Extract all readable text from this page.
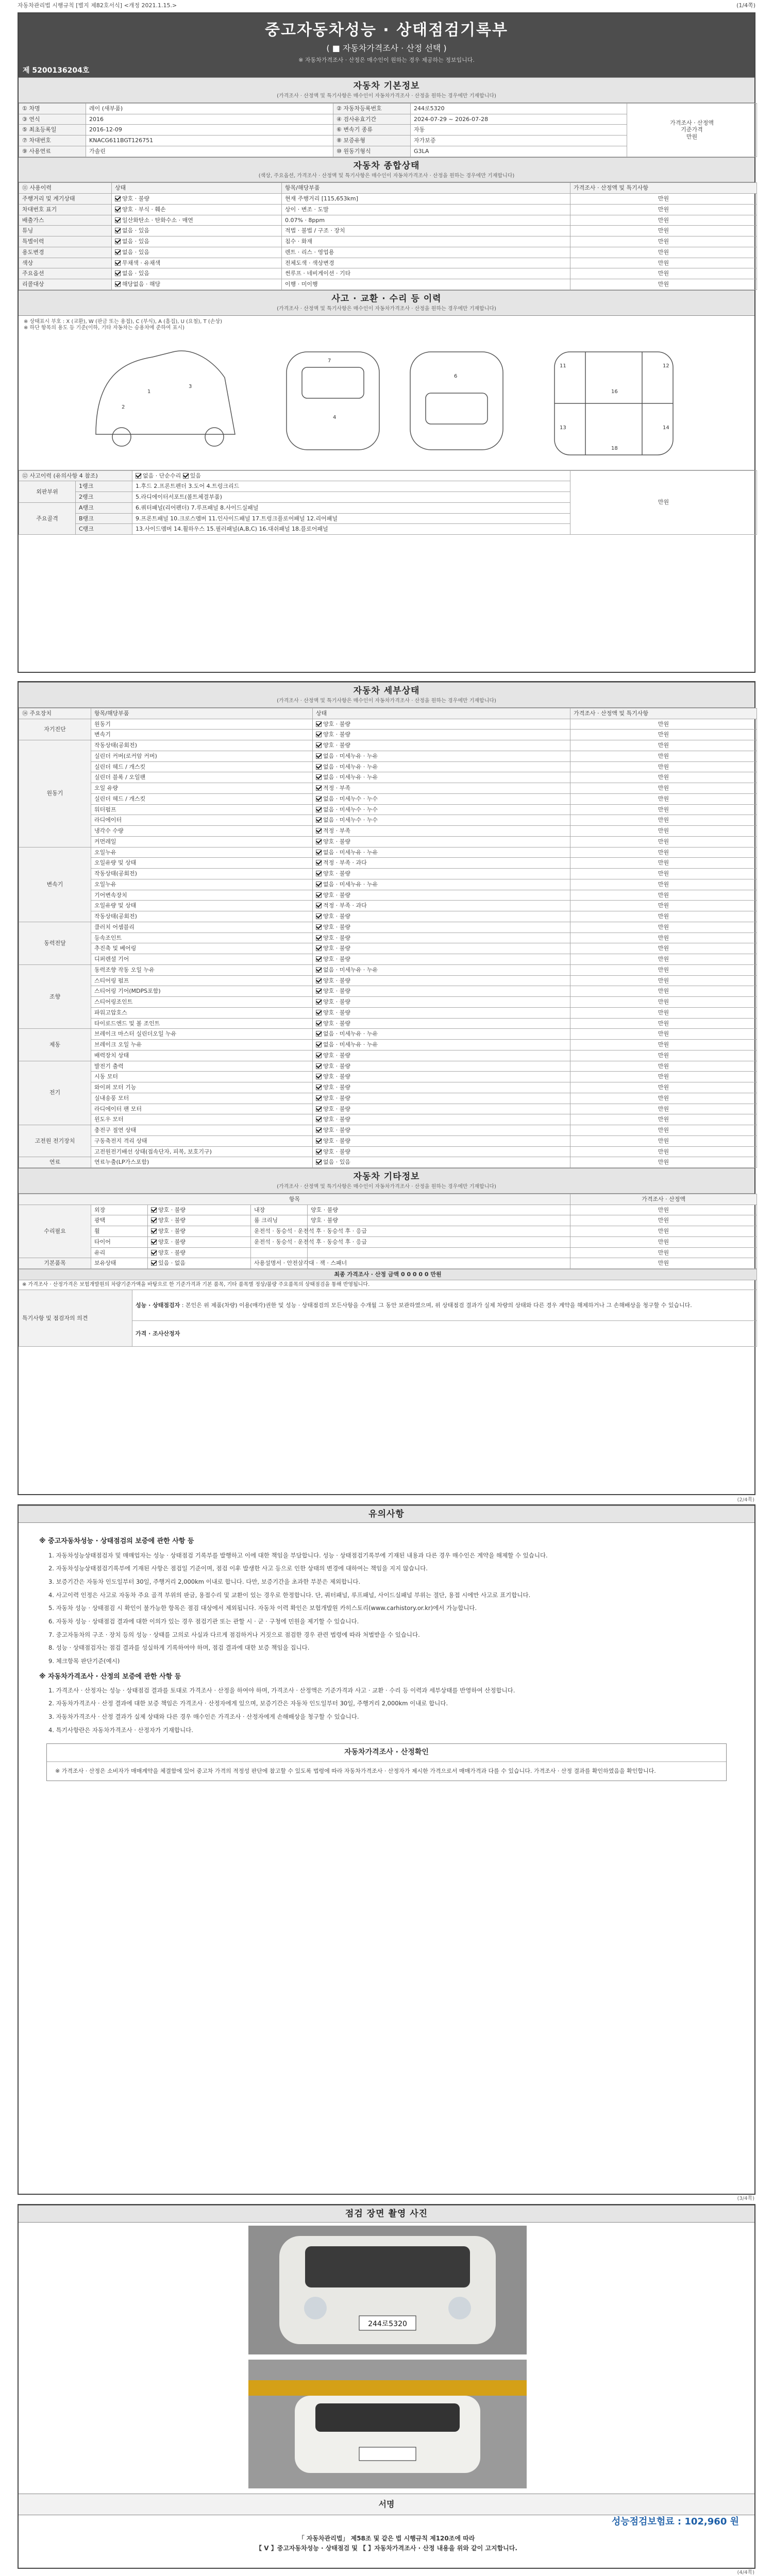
자동차관리법 시행규칙 [별지 제82호서식] <개정 2021.1.15.>	(1/4쪽)
중고자동차성능 · 상태점검기록부
( ■ 자동차가격조사 · 산정 선택 )
※ 자동차가격조사 · 산정은 매수인이 원하는 경우 제공하는 정보입니다.
제 5200136204호
자동차 기본정보
(가격조사 · 산정액 및 특기사항은 매수인이 자동차가격조사 · 산정을 원하는 경우에만 기재합니다)
① 차명	레이 (새부품)	② 자동차등록번호	244로5320	가격조사 · 산정액
기준가격
만원

③ 연식	2016	④ 검사유효기간	2024-07-29 ~ 2026-07-28	
⑤ 최초등록일	2016-12-09	⑥ 변속기 종류	자동	
⑦ 차대번호	KNACG611BGT126751	⑧ 보증유형	자가보증	
⑨ 사용연료	가솔린	⑩ 원동기형식	G3LA	
자동차 종합상태
(색상, 주요옵션, 가격조사 · 산정액 및 특기사항은 매수인이 자동차가격조사 · 산정을 원하는 경우에만 기재합니다)
⑪ 사용이력	상태	항목/해당부품	가격조사 · 산정액 및 특기사항
주행거리 및 계기상태	양호 · 불량	현재 주행거리 [115,653km]	만원
차대번호 표기	양호 · 부식 · 훼손	상이 · 변조 · 도말	만원
배출가스	일산화탄소 · 탄화수소 · 매연	0.07% · 8ppm	만원
튜닝	없음 · 있음	적법 · 불법 / 구조 · 장치	만원
특별이력	없음 · 있음	침수 · 화재	만원
용도변경	없음 · 있음	렌트 · 리스 · 영업용	만원
색상	무채색 · 유채색	전체도색 · 색상변경	만원
주요옵션	없음 · 있음	썬루프 · 네비게이션 · 기타	만원
리콜대상	해당없음 · 해당	이행 · 미이행	만원
사고 · 교환 · 수리 등 이력
(가격조사 · 산정액 및 특기사항은 매수인이 자동차가격조사 · 산정을 원하는 경우에만 기재합니다)
※ 상태표시 부호 : X (교환), W (판금 또는 용접), C (부식), A (흠집), U (요철), T (손상)
※ 하단 항목의 용도 등 기준(이하, 기타 자동차는 승용차에 준하여 표시)
1
3
2
7
4
6
11	12
16
13	14
18
⑫ 사고이력 (유의사항 4 참조)		없음 · 단순수리 있음	만원
외판부위	1랭크	1.후드 2.프론트펜더 3.도어 4.트렁크리드	
	2랭크	5.라디에이터서포트(볼트체결부품)	
주요골격	A랭크	6.쿼터패널(리어펜더) 7.루프패널 8.사이드실패널	
	B랭크	9.프론트패널 10.크로스멤버 11.인사이드패널 17.트렁크플로어패널 12.리어패널	
	C랭크	13.사이드멤버 14.휠하우스 15.필러패널(A,B,C) 16.대쉬패널 18.플로어패널	
자동차 세부상태
(가격조사 · 산정액 및 특기사항은 매수인이 자동차가격조사 · 산정을 원하는 경우에만 기재합니다)
⑭ 주요장치	항목/해당부품	상태	가격조사 · 산정액 및 특기사항
자기진단	원동기	양호 · 불량	만원
	변속기	양호 · 불량	만원
원동기	작동상태(공회전)	양호 · 불량	만원
	실린더 커버(로커암 커버)	없음 · 미세누유 · 누유	만원
	실린더 헤드 / 개스킷	없음 · 미세누유 · 누유	만원
	실린더 블록 / 오일팬	없음 · 미세누유 · 누유	만원
	오일 유량	적정 · 부족	만원
	실린더 헤드 / 개스킷	없음 · 미세누수 · 누수	만원
	워터펌프	없음 · 미세누수 · 누수	만원
	라디에이터	없음 · 미세누수 · 누수	만원
	냉각수 수량	적정 · 부족	만원
	커먼레일	양호 · 불량	만원
변속기	오일누유	없음 · 미세누유 · 누유	만원
	오일유량 및 상태	적정 · 부족 · 과다	만원
	작동상태(공회전)	양호 · 불량	만원
	오일누유	없음 · 미세누유 · 누유	만원
	기어변속장치	양호 · 불량	만원
	오일유량 및 상태	적정 · 부족 · 과다	만원
	작동상태(공회전)	양호 · 불량	만원
동력전달	클러치 어셈블리	양호 · 불량	만원
	등속조인트	양호 · 불량	만원
	추진축 및 베어링	양호 · 불량	만원
	디퍼렌셜 기어	양호 · 불량	만원
조향	동력조향 작동 오일 누유	없음 · 미세누유 · 누유	만원
	스티어링 펌프	양호 · 불량	만원
	스티어링 기어(MDPS포함)	양호 · 불량	만원
	스티어링조인트	양호 · 불량	만원
	파워고압호스	양호 · 불량	만원
	타이로드엔드 및 볼 조인트	양호 · 불량	만원
제동	브레이크 마스터 실린더오일 누유	없음 · 미세누유 · 누유	만원
	브레이크 오일 누유	없음 · 미세누유 · 누유	만원
	배력장치 상태	양호 · 불량	만원
전기	발전기 출력	양호 · 불량	만원
	시동 모터	양호 · 불량	만원
	와이퍼 모터 기능	양호 · 불량	만원
	실내송풍 모터	양호 · 불량	만원
	라디에이터 팬 모터	양호 · 불량	만원
	윈도우 모터	양호 · 불량	만원
고전원 전기장치	충전구 절연 상태	양호 · 불량	만원
	구동축전지 격리 상태	양호 · 불량	만원
	고전원전기배선 상태(접속단자, 피복, 보호기구)	양호 · 불량	만원
연료	연료누출(LP가스포함)	없음 · 있음	만원
자동차 기타정보
(가격조사 · 산정액 및 특기사항은 매수인이 자동차가격조사 · 산정을 원하는 경우에만 기재합니다)
항목					가격조사 · 산정액
수리필요	외장	양호 · 불량	내장	양호 · 불량	만원
	광택	양호 · 불량	룸 크리닝	양호 · 불량	만원
	휠	양호 · 불량	운전석 · 동승석 · 운전석 후 · 동승석 후 · 응급		만원
	타이어	양호 · 불량	운전석 · 동승석 · 운전석 후 · 동승석 후 · 응급		만원
	유리	양호 · 불량			만원
기본품목	보유상태	있음 · 없음	사용설명서 · 안전삼각대 · 잭 · 스패너		만원
최종 가격조사 · 산정 금액 0 0 0 0 0 만원
※ 가격조사 · 산정가격은 보험개발원의 차량기준가액을 바탕으로 한 기준가격과 기본 품목, 기타 품목별 정상/불량 주요품목의 상태점검을 통해 반영됩니다.
특기사항 및 점검자의 의견	성능 · 상태점검자 : 본인은 위 제품(차량) 이용(매각)권한 및 성능 · 상태점검의 모든사항을 수개월 그 동안 보관하였으며, 위 상태점검 결과가 실제 차량의 상태와 다른 경우 계약을 해제하거나 그 손해배상을 청구할 수 있습니다.
가격 · 조사산정자
(2/4쪽)
유의사항
※ 중고자동차성능 · 상태점검의 보증에 관한 사항 등

1. 자동차성능상태점검자 및 매매업자는 성능 · 상태점검 기록부를 발행하고 이에 대한 책임을 부담합니다. 성능 · 상태점검기록부에 기재된 내용과 다른 경우 매수인은 계약을 해제할 수 있습니다.

2. 자동차성능상태점검기록부에 기재된 사항은 점검일 기준이며, 점검 이후 발생한 사고 등으로 인한 상태의 변경에 대하여는 책임을 지지 않습니다.

3. 보증기간은 자동차 인도일부터 30일, 주행거리 2,000km 이내로 합니다. 다만, 보증기간을 초과한 부분은 제외합니다.

4. 사고이력 인정은 사고로 자동차 주요 골격 부위의 판금, 용접수리 및 교환이 있는 경우로 한정합니다. 단, 쿼터패널, 루프패널, 사이드실패널 부위는 절단, 용접 시에만 사고로 표기합니다.

5. 자동차 성능 · 상태점검 시 확인이 불가능한 항목은 점검 대상에서 제외됩니다. 자동차 이력 확인은 보험개발원 카히스토리(www.carhistory.or.kr)에서 가능합니다.

6. 자동차 성능 · 상태점검 결과에 대한 이의가 있는 경우 점검기관 또는 관할 시 · 군 · 구청에 민원을 제기할 수 있습니다.

7. 중고자동차의 구조 · 장치 등의 성능 · 상태를 고의로 사실과 다르게 점검하거나 거짓으로 점검한 경우 관련 법령에 따라 처벌받을 수 있습니다.

8. 성능 · 상태점검자는 점검 결과를 성실하게 기록하여야 하며, 점검 결과에 대한 보증 책임을 집니다.

9. 체크항목 판단기준(예시)

※ 자동차가격조사 · 산정의 보증에 관한 사항 등

1. 가격조사 · 산정자는 성능 · 상태점검 결과를 토대로 가격조사 · 산정을 하여야 하며, 가격조사 · 산정액은 기준가격과 사고 · 교환 · 수리 등 이력과 세부상태를 반영하여 산정합니다.

2. 자동차가격조사 · 산정 결과에 대한 보증 책임은 가격조사 · 산정자에게 있으며, 보증기간은 자동차 인도일부터 30일, 주행거리 2,000km 이내로 합니다.

3. 자동차가격조사 · 산정 결과가 실제 상태와 다른 경우 매수인은 가격조사 · 산정자에게 손해배상을 청구할 수 있습니다.

4. 특기사항란은 자동차가격조사 · 산정자가 기재합니다.

자동차가격조사 · 산정확인
※ 가격조사 · 산정은 소비자가 매매계약을 체결함에 있어 중고차 가격의 적정성 판단에 참고할 수 있도록 법령에 따라 자동차가격조사 · 산정자가 제시한 가격으로서 매매가격과 다를 수 있습니다. 가격조사 · 산정 결과를 확인하였음을 확인합니다.
(3/4쪽)
점검 장면 촬영 사진
244로5320
서명
성능점검보험료 : 102,960 원
「 자동차관리법」 제58조 및 같은 법 시행규칙 제120조에 따라
【 V 】중고자동차성능 · 상태점검 및 【 】자동차가격조사 · 산정 내용을 위와 같이 고지합니다.
(4/4쪽)
